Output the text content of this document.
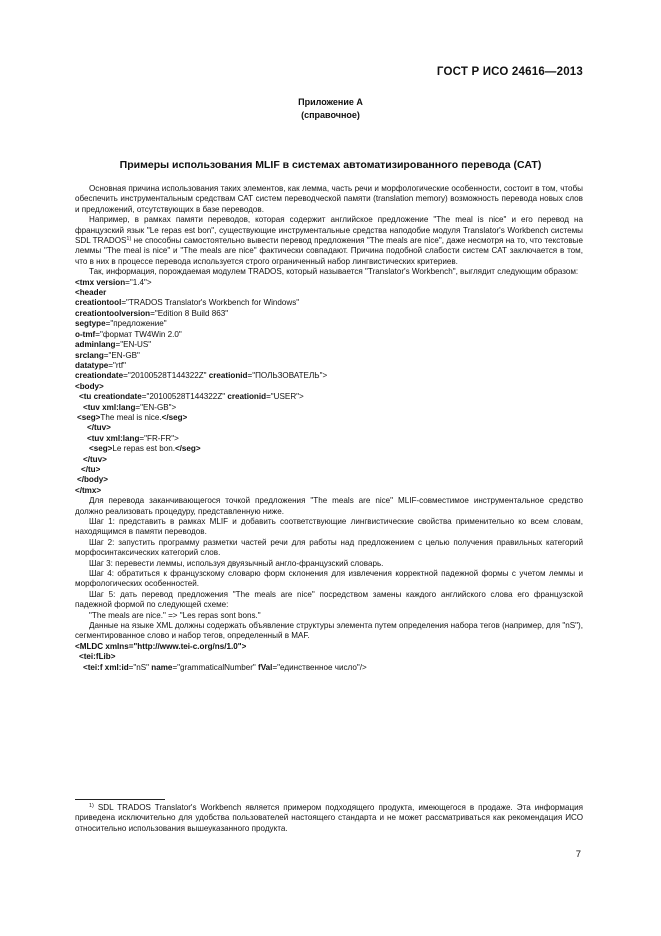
ГОСТ Р ИСО 24616—2013
Приложение А
(справочное)
Примеры использования MLIF в системах автоматизированного перевода (САТ)

Основная причина использования таких элементов, как лемма, часть речи и морфологические особенности, состоит в том, чтобы обеспечить инструментальным средствам САТ систем переводческой памяти (translation memory) возможность перевода новых слов и предложений, отсутствующих в базе переводов.

Например, в рамках памяти переводов, которая содержит английское предложение "The meal is nice" и его перевод на французский язык "Le repas est bon", существующие инструментальные средства наподобие модуля Translator's Workbench системы SDL TRADOS$^{1)}$ не способны самостоятельно вывести перевод предложения "The meals are nice", даже несмотря на то, что текстовые леммы "The meal is nice" и "The meals are nice" фактически совпадают. Причина подобной слабости систем САТ заключается в том, что в них в процессе перевода используется строго ограниченный набор лингвистических критериев.

Так, информация, порождаемая модулем TRADOS, который называется "Translator's Workbench", выглядит следующим образом:

<tmx version="1.4">

<header

creationtool="TRADOS Translator's Workbench for Windows"

creationtoolversion="Edition 8 Build 863"

segtype="предложение"

o-tmf="формат TW4Win 2.0"

adminlang="EN-US"

srclang="EN-GB"

datatype="rtf"

creationdate="20100528T144322Z" creationid="ПОЛЬЗОВАТЕЛЬ">

<body>

<tu creationdate="20100528T144322Z" creationid="USER">

<tuv xml:lang="EN-GB">

<seg>The meal is nice.</seg>

</tuv>

<tuv xml:lang="FR-FR">

<seg>Le repas est bon.</seg>

</tuv>

</tu>

</body>

</tmx>

Для перевода заканчивающегося точкой предложения "The meals are nice" MLIF-совместимое инструментальное средство должно реализовать процедуру, представленную ниже.

Шаг 1: представить в рамках MLIF и добавить соответствующие лингвистические свойства применительно ко всем словам, находящимся в памяти переводов.

Шаг 2: запустить программу разметки частей речи для работы над предложением с целью получения правильных категорий морфосинтаксических категорий слов.

Шаг 3: перевести леммы, используя двуязычный англо-французский словарь.

Шаг 4: обратиться к французскому словарю форм склонения для извлечения корректной падежной формы с учетом леммы и морфологических особенностей.

Шаг 5: дать перевод предложения "The meals are nice" посредством замены каждого английского слова его французской падежной формой по следующей схеме:

"The meals are nice." => "Les repas sont bons."

Данные на языке XML должны содержать объявление структуры элемента путем определения набора тегов (например, для "nS"), сегментированное слово и набор тегов, определенный в MAF.

<MLDC xmlns="http://www.tei-c.org/ns/1.0">

<tei:fLib>

<tei:f xml:id="nS" name="grammaticalNumber" fVal="единственное число"/>

$^{1)}$ SDL TRADOS Translator's Workbench является примером подходящего продукта, имеющегося в продаже. Эта информация приведена исключительно для удобства пользователей настоящего стандарта и не может рассматриваться как рекомендация ИСО относительно использования вышеуказанного продукта.
7
